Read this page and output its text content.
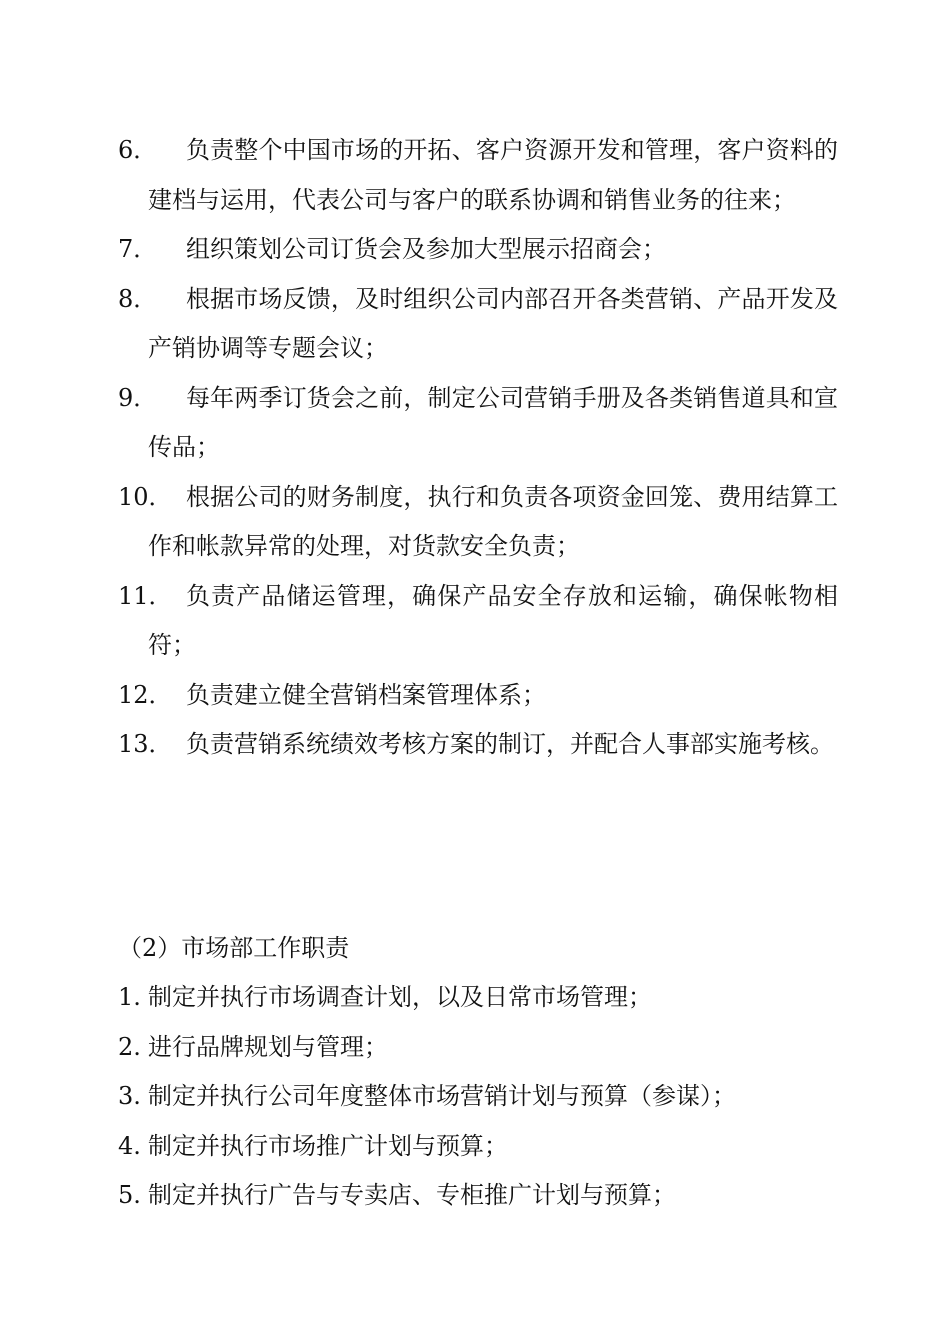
6．	负责整个中国市场的开拓、客户资源开发和管理，客户资料的建档与运用，代表公司与客户的联系协调和销售业务的往来；
7．	组织策划公司订货会及参加大型展示招商会；
8．	根据市场反馈，及时组织公司内部召开各类营销、产品开发及产销协调等专题会议；
9．	每年两季订货会之前，制定公司营销手册及各类销售道具和宣传品；
10． 根据公司的财务制度，执行和负责各项资金回笼、费用结算工作和帐款异常的处理，对货款安全负责；
11． 负责产品储运管理，确保产品安全存放和运输，确保帐物相符；
12． 负责建立健全营销档案管理体系；
13． 负责营销系统绩效考核方案的制订，并配合人事部实施考核。
（2）市场部工作职责
1. 制定并执行市场调查计划，以及日常市场管理；
2. 进行品牌规划与管理；
3. 制定并执行公司年度整体市场营销计划与预算（参谋）；
4. 制定并执行市场推广计划与预算；
5. 制定并执行广告与专卖店、专柜推广计划与预算；
